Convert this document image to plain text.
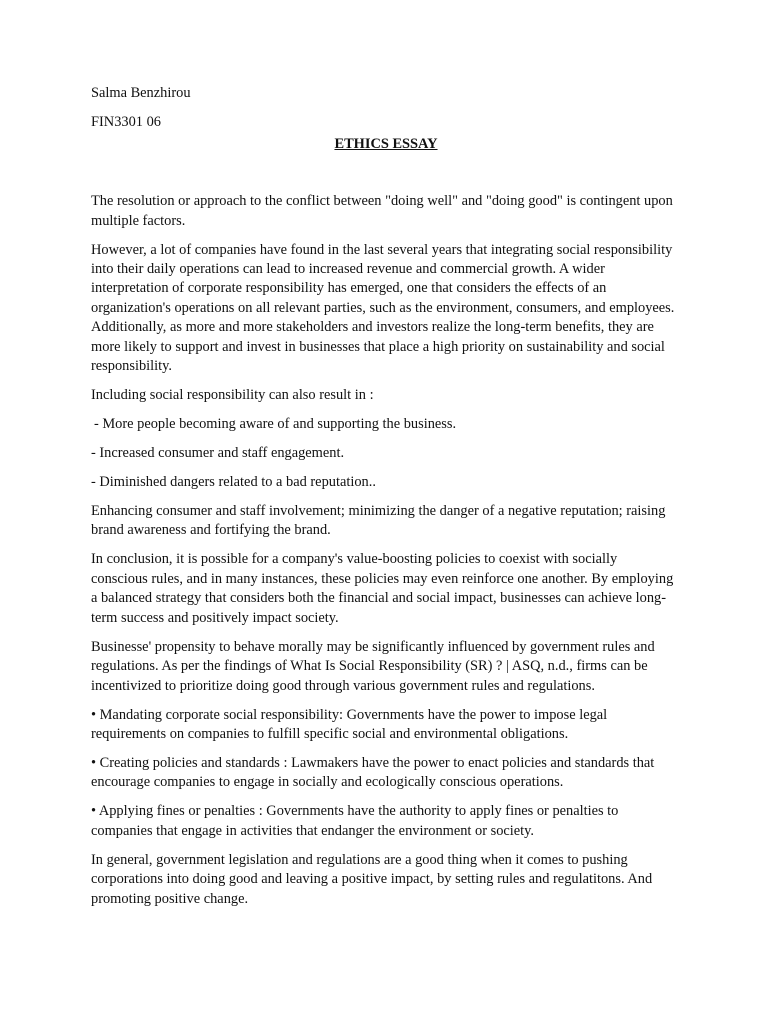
Salma Benzhirou
FIN3301 06
ETHICS ESSAY

The resolution or approach to the conflict between "doing well" and "doing good" is contingent upon multiple factors.

However, a lot of companies have found in the last several years that integrating social responsibility into their daily operations can lead to increased revenue and commercial growth. A wider interpretation of corporate responsibility has emerged, one that considers the effects of an organization's operations on all relevant parties, such as the environment, consumers, and employees. Additionally, as more and more stakeholders and investors realize the long-term benefits, they are more likely to support and invest in businesses that place a high priority on sustainability and social responsibility.

Including social responsibility can also result in :

- More people becoming aware of and supporting the business.

- Increased consumer and staff engagement.

- Diminished dangers related to a bad reputation..

Enhancing consumer and staff involvement; minimizing the danger of a negative reputation; raising brand awareness and fortifying the brand.

In conclusion, it is possible for a company's value-boosting policies to coexist with socially conscious rules, and in many instances, these policies may even reinforce one another. By employing a balanced strategy that considers both the financial and social impact, businesses can achieve long-term success and positively impact society.

Businesse' propensity to behave morally may be significantly influenced by government rules and regulations. As per the findings of What Is Social Responsibility (SR) ? | ASQ, n.d., firms can be incentivized to prioritize doing good through various government rules and regulations.

• Mandating corporate social responsibility: Governments have the power to impose legal requirements on companies to fulfill specific social and environmental obligations.

• Creating policies and standards : Lawmakers have the power to enact policies and standards that encourage companies to engage in socially and ecologically conscious operations.

• Applying fines or penalties : Governments have the authority to apply fines or penalties to companies that engage in activities that endanger the environment or society.

In general, government legislation and regulations are a good thing when it comes to pushing corporations into doing good and leaving a positive impact, by setting rules and regulatitons. And promoting positive change.
